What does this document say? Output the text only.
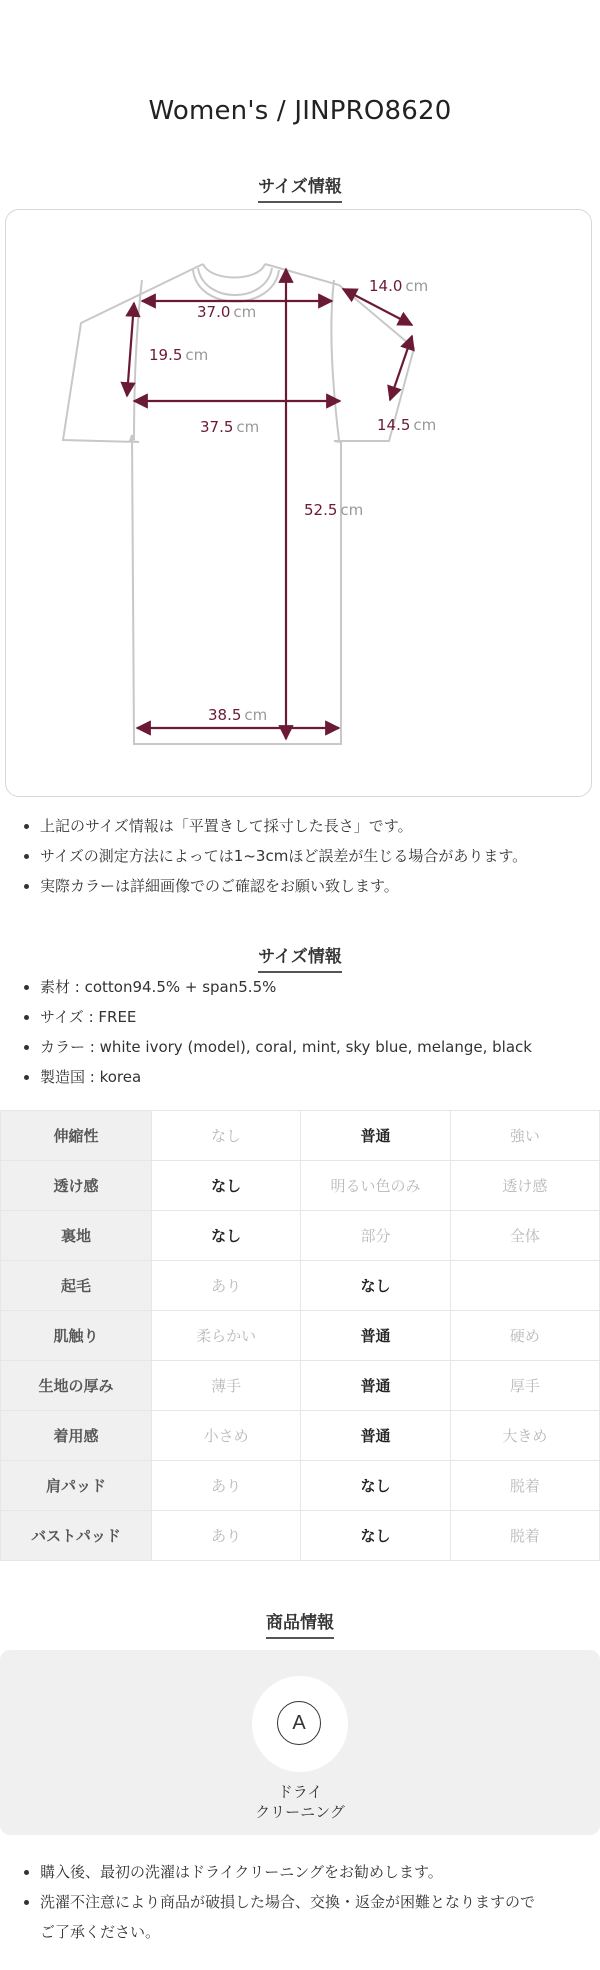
Women's / JINPRO8620
サイズ情報
37.0 cm
14.0 cm
19.5 cm
37.5 cm	14.5 cm
52.5 cm
38.5 cm
上記のサイズ情報は「平置きして採寸した長さ」です。
サイズの測定方法によっては1~3cmほど誤差が生じる場合があります。
実際カラーは詳細画像でのご確認をお願い致します。
サイズ情報
素材 : cotton94.5% + span5.5%
サイズ : FREE
カラー : white ivory (model), coral, mint, sky blue, melange, black
製造国 : korea
伸縮性	なし	普通	強い
透け感	なし	明るい色のみ	透け感
裏地	なし	部分	全体
起毛	あり	なし	
肌触り	柔らかい	普通	硬め
生地の厚み	薄手	普通	厚手
着用感	小さめ	普通	大きめ
肩パッド	あり	なし	脱着
バストパッド	あり	なし	脱着
商品情報
A
ドライ
クリーニング
購入後、最初の洗濯はドライクリーニングをお勧めします。
洗濯不注意により商品が破損した場合、交換・返金が困難となりますので
ご了承ください。
